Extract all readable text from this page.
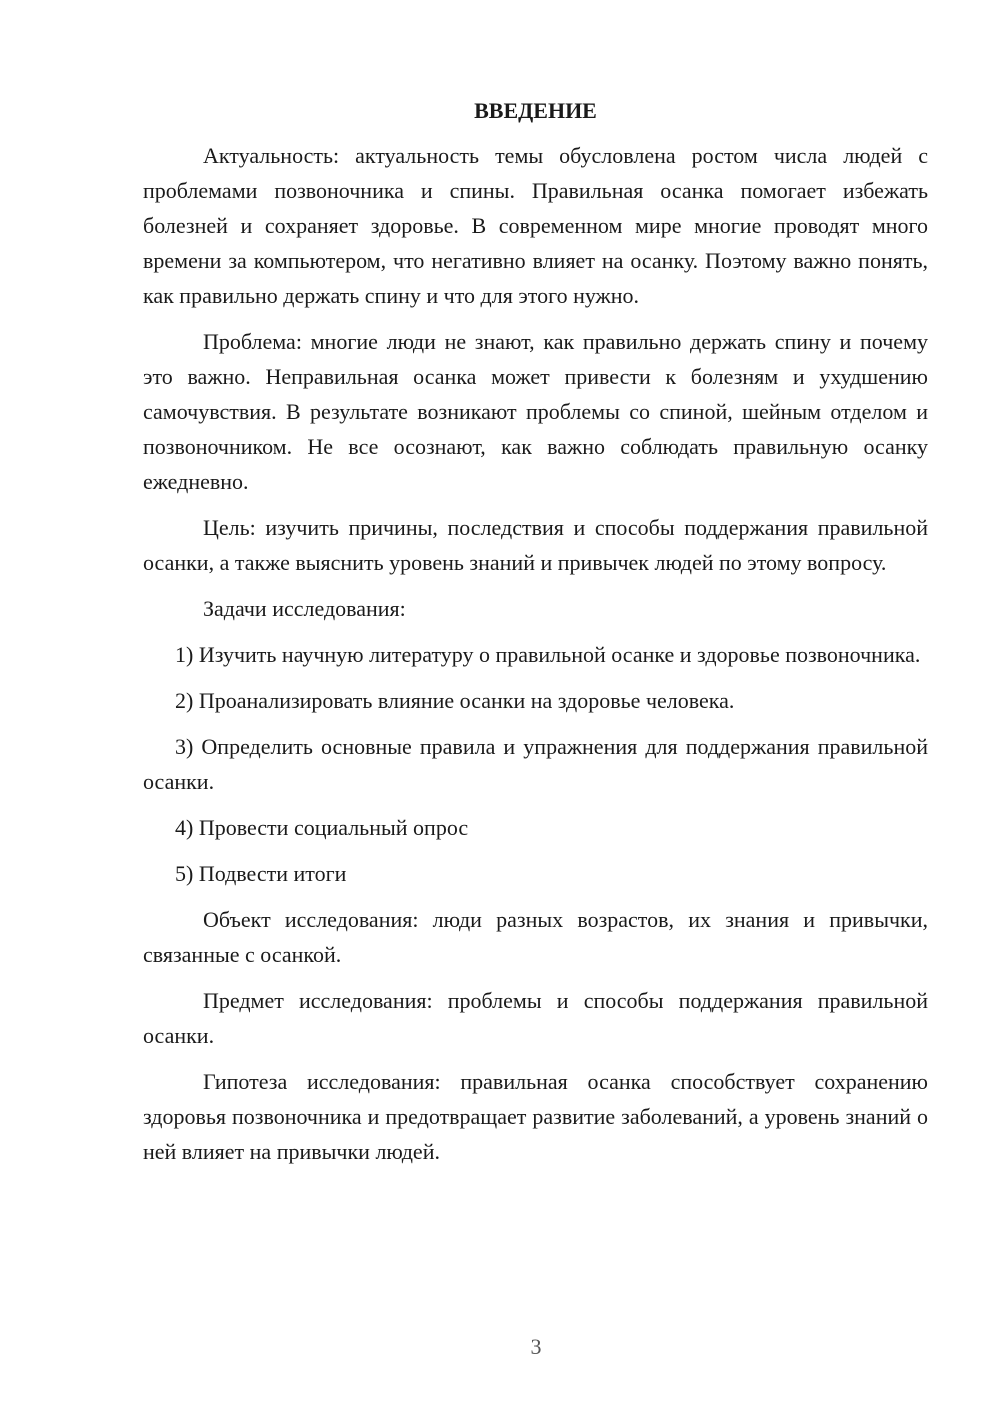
ВВЕДЕНИЕ

Актуальность: актуальность темы обусловлена ростом числа людей с проблемами позвоночника и спины. Правильная осанка помогает избежать болезней и сохраняет здоровье. В современном мире многие проводят много времени за компьютером, что негативно влияет на осанку. Поэтому важно понять, как правильно держать спину и что для этого нужно.

Проблема: многие люди не знают, как правильно держать спину и почему это важно. Неправильная осанка может привести к болезням и ухудшению самочувствия. В результате возникают проблемы со спиной, шейным отделом и позвоночником. Не все осознают, как важно соблюдать правильную осанку ежедневно.

Цель: изучить причины, последствия и способы поддержания правильной осанки, а также выяснить уровень знаний и привычек людей по этому вопросу.

Задачи исследования:

1) Изучить научную литературу о правильной осанке и здоровье позвоночника.

2) Проанализировать влияние осанки на здоровье человека.

3) Определить основные правила и упражнения для поддержания правильной осанки.

4) Провести социальный опрос

5) Подвести итоги

Объект исследования: люди разных возрастов, их знания и привычки, связанные с осанкой.

Предмет исследования: проблемы и способы поддержания правильной осанки.

Гипотеза исследования: правильная осанка способствует сохранению здоровья позвоночника и предотвращает развитие заболеваний, а уровень знаний о ней влияет на привычки людей.

3
